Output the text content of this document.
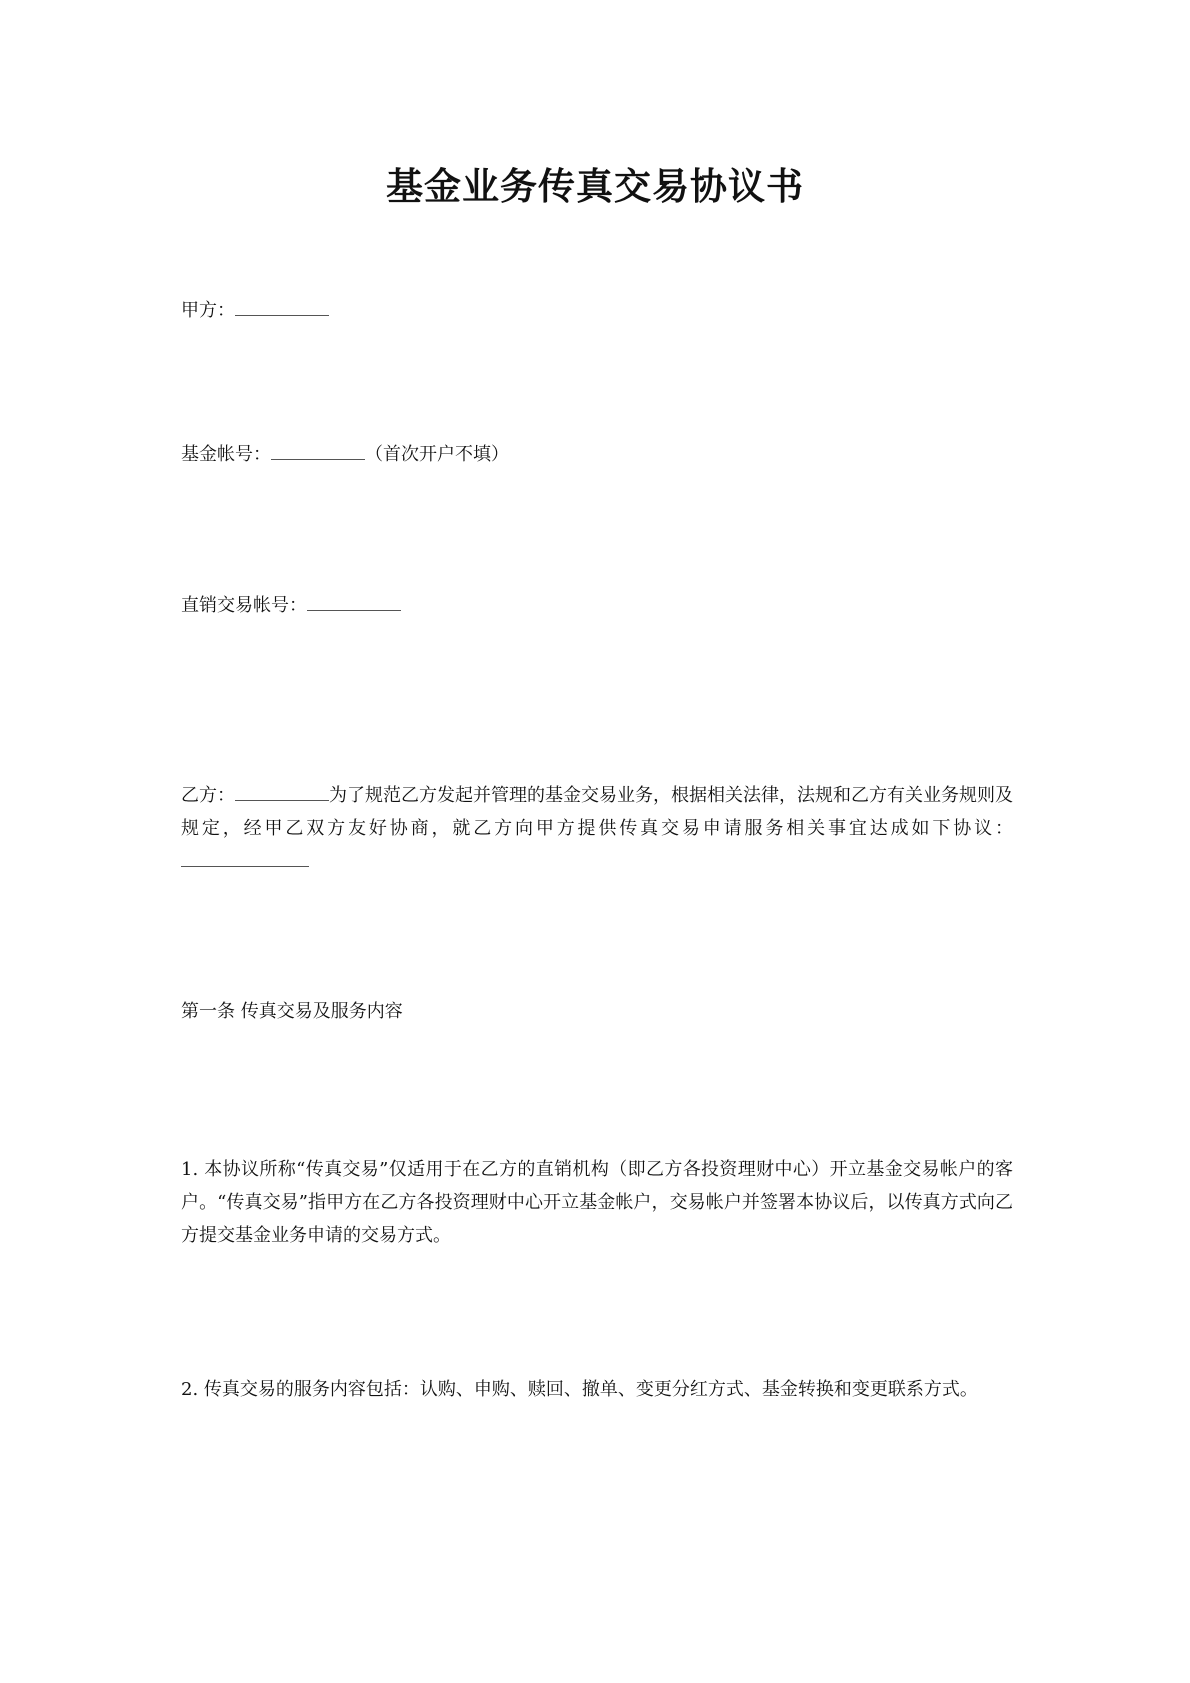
基金业务传真交易协议书
甲方：
基金帐号：	（首次开户不填）
直销交易帐号：

乙方：	为了规范乙方发起并管理的基金交易业务，根据相关法律，法规和乙方有关业务规则及规定，经甲乙双方友好协商，就乙方向甲方提供传真交易申请服务相关事宜达成如下协议：

第一条 传真交易及服务内容

1. 本协议所称“传真交易”仅适用于在乙方的直销机构（即乙方各投资理财中心）开立基金交易帐户的客户。“传真交易”指甲方在乙方各投资理财中心开立基金帐户，交易帐户并签署本协议后，以传真方式向乙方提交基金业务申请的交易方式。

2. 传真交易的服务内容包括：认购、申购、赎回、撤单、变更分红方式、基金转换和变更联系方式。
